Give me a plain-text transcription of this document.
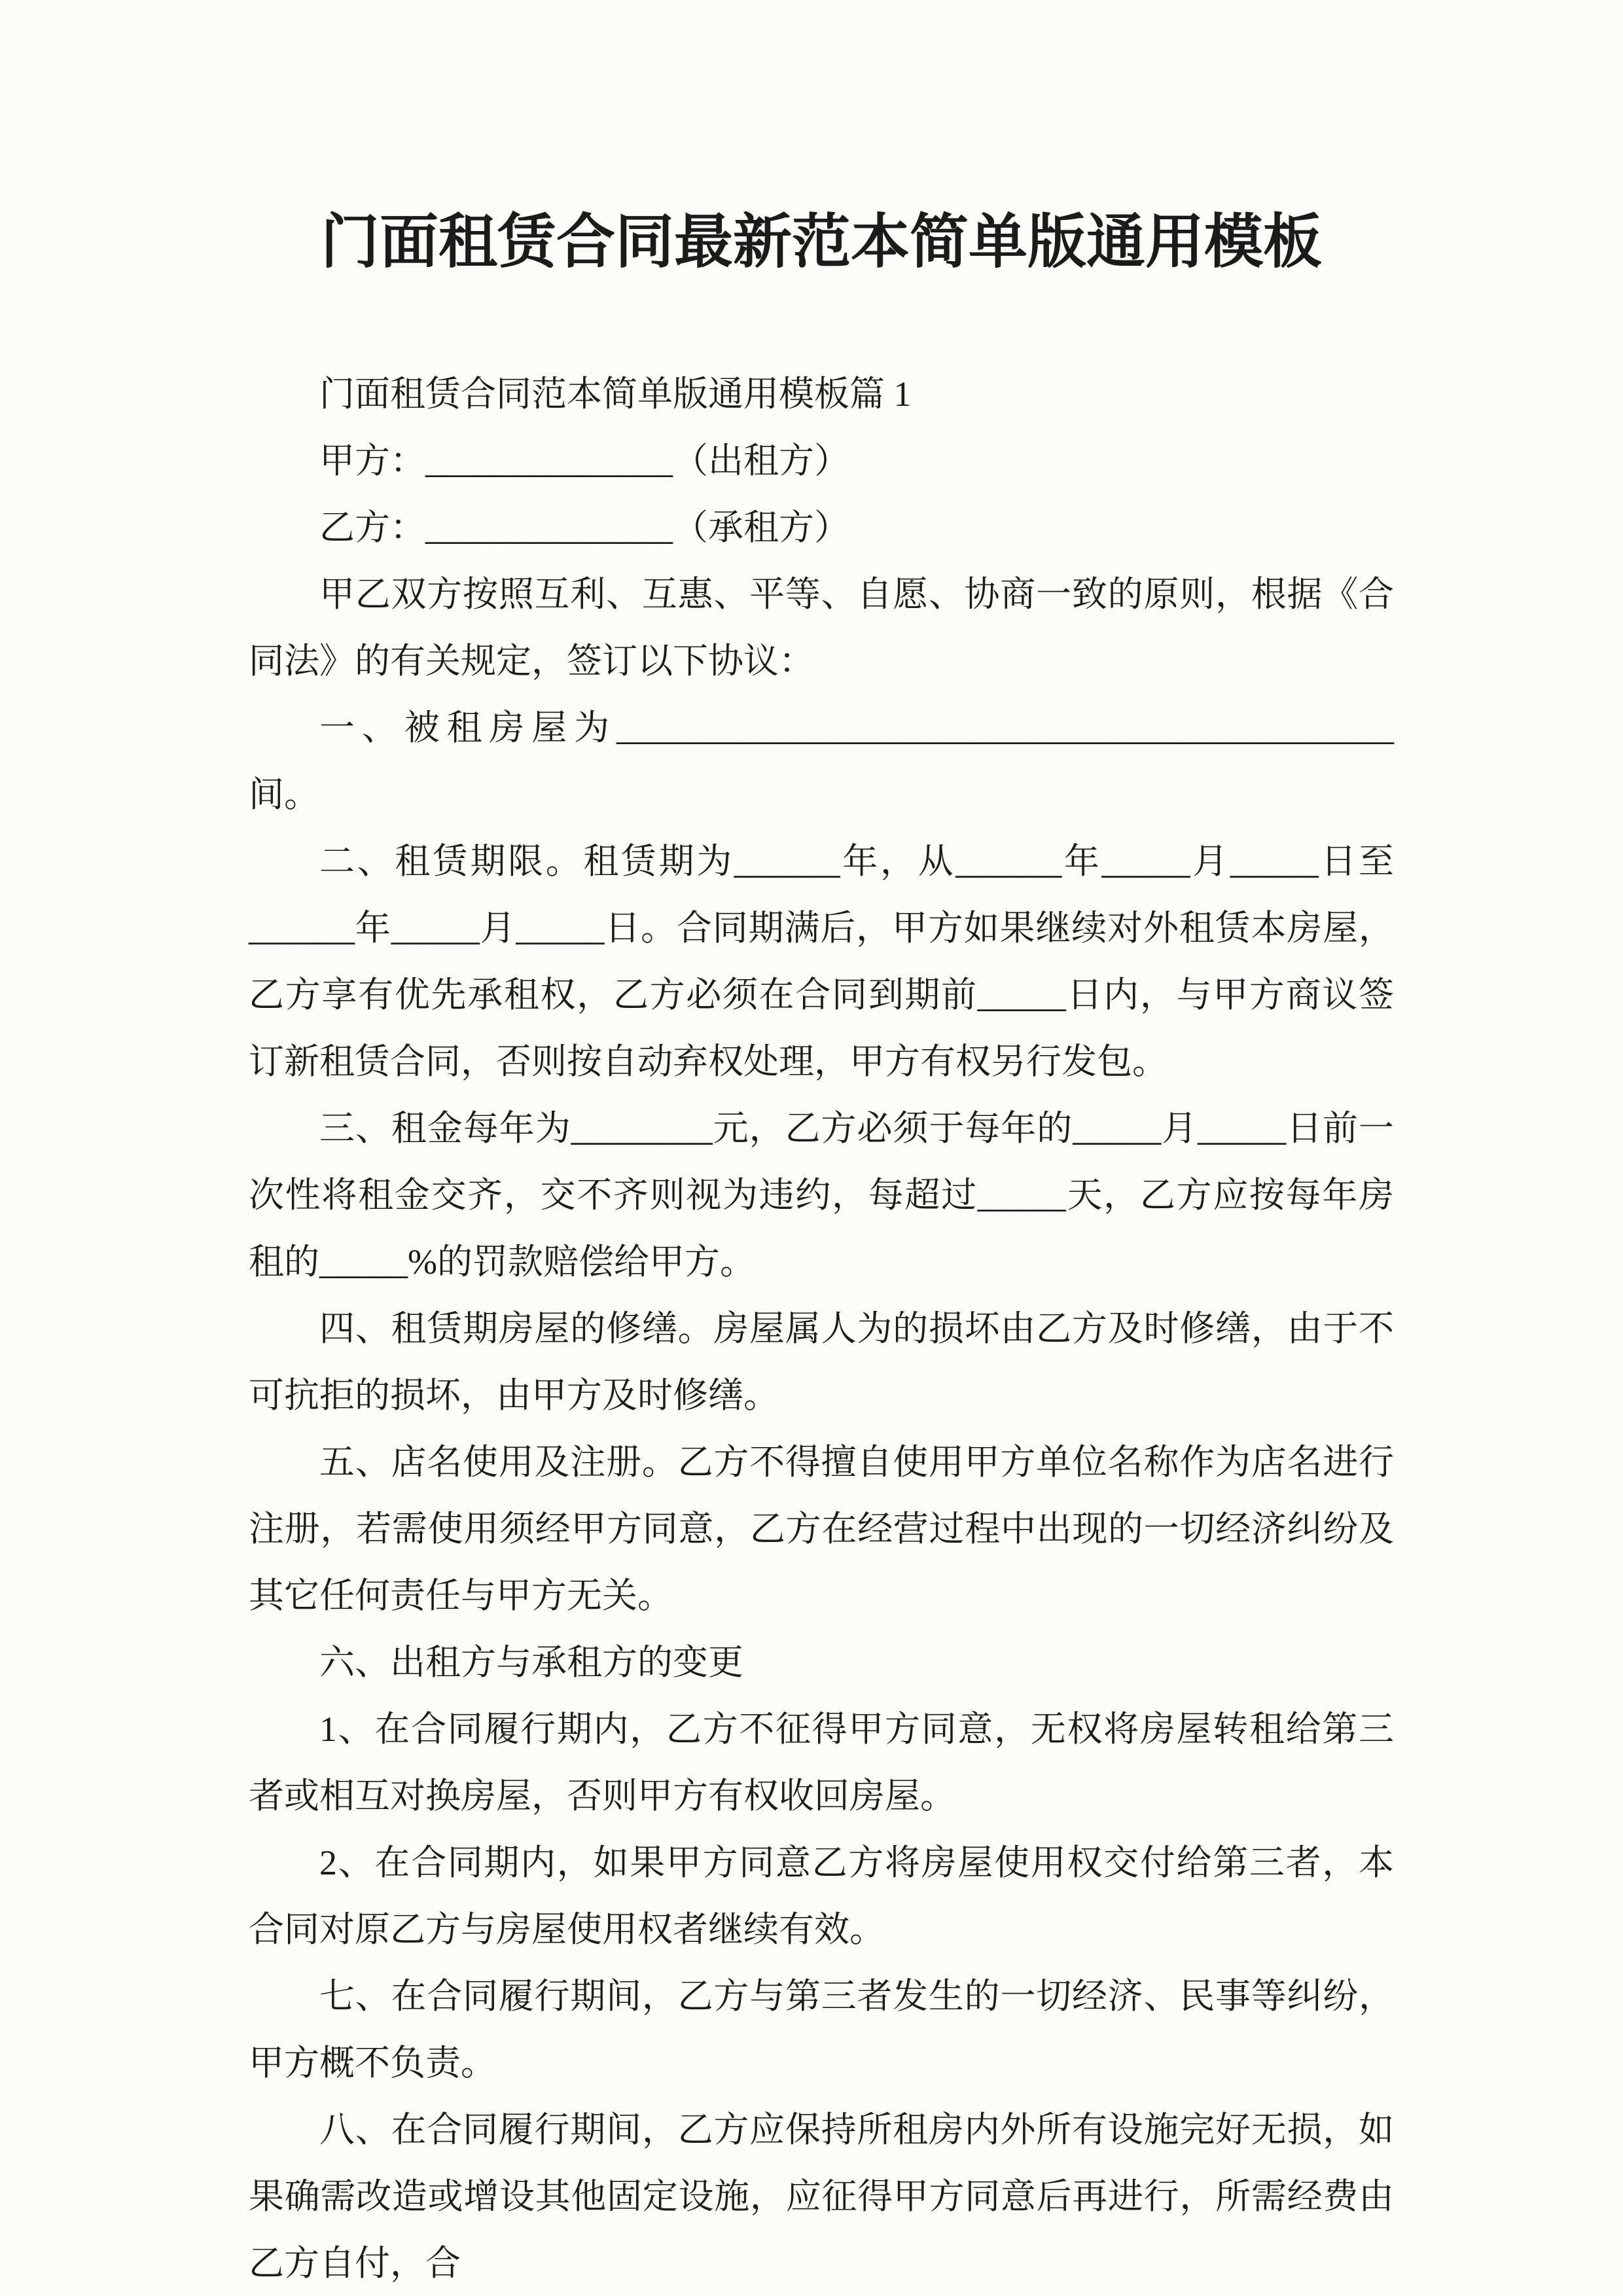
门面租赁合同最新范本简单版通用模板

门面租赁合同范本简单版通用模板篇 1

甲方：______________（出租方）

乙方：______________（承租方）

甲乙双方按照互利、互惠、平等、自愿、协商一致的原则，根据《合同法》的有关规定，签订以下协议：

一、被租房屋为____________________________________________间。

二、租赁期限。租赁期为______年，从______年_____月_____日至______年_____月_____日。合同期满后，甲方如果继续对外租赁本房屋，乙方享有优先承租权，乙方必须在合同到期前_____日内，与甲方商议签订新租赁合同，否则按自动弃权处理，甲方有权另行发包。

三、租金每年为________元，乙方必须于每年的_____月_____日前一次性将租金交齐，交不齐则视为违约，每超过_____天，乙方应按每年房租的_____%的罚款赔偿给甲方。

四、租赁期房屋的修缮。房屋属人为的损坏由乙方及时修缮，由于不可抗拒的损坏，由甲方及时修缮。

五、店名使用及注册。乙方不得擅自使用甲方单位名称作为店名进行注册，若需使用须经甲方同意，乙方在经营过程中出现的一切经济纠纷及其它任何责任与甲方无关。

六、出租方与承租方的变更

1、在合同履行期内，乙方不征得甲方同意，无权将房屋转租给第三者或相互对换房屋，否则甲方有权收回房屋。

2、在合同期内，如果甲方同意乙方将房屋使用权交付给第三者，本合同对原乙方与房屋使用权者继续有效。

七、在合同履行期间，乙方与第三者发生的一切经济、民事等纠纷，甲方概不负责。

八、在合同履行期间，乙方应保持所租房内外所有设施完好无损，如果确需改造或增设其他固定设施，应征得甲方同意后再进行，所需经费由乙方自付，合
